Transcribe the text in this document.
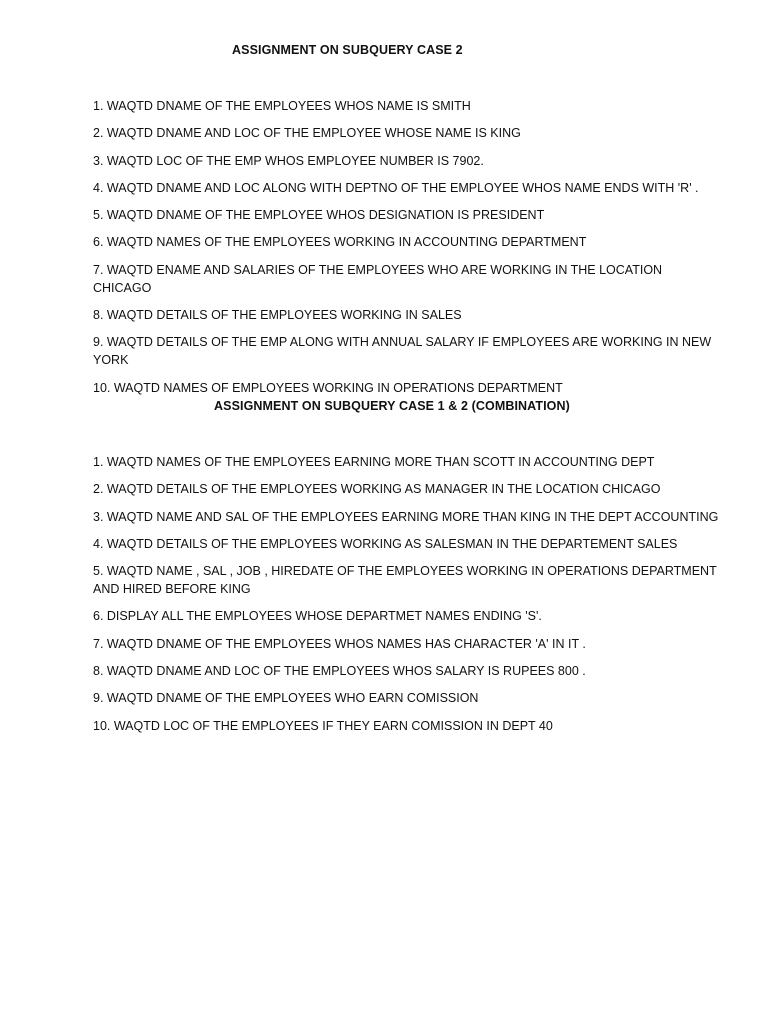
ASSIGNMENT ON SUBQUERY CASE 2
1. WAQTD DNAME OF THE EMPLOYEES WHOS NAME IS SMITH
2. WAQTD DNAME AND LOC OF THE EMPLOYEE WHOSE NAME IS KING
3. WAQTD LOC OF THE EMP WHOS EMPLOYEE NUMBER IS 7902.
4. WAQTD DNAME AND LOC ALONG WITH DEPTNO OF THE EMPLOYEE WHOS NAME ENDS WITH 'R' .
5. WAQTD DNAME OF THE EMPLOYEE WHOS DESIGNATION IS PRESIDENT
6. WAQTD NAMES OF THE EMPLOYEES WORKING IN ACCOUNTING DEPARTMENT
7. WAQTD ENAME AND SALARIES OF THE EMPLOYEES WHO ARE WORKING IN THE LOCATION CHICAGO
8. WAQTD DETAILS OF THE EMPLOYEES WORKING IN SALES
9. WAQTD DETAILS OF THE EMP ALONG WITH ANNUAL SALARY IF EMPLOYEES ARE WORKING IN NEW YORK
10. WAQTD NAMES OF EMPLOYEES WORKING IN OPERATIONS DEPARTMENT
ASSIGNMENT ON SUBQUERY CASE 1 & 2 (COMBINATION)
1. WAQTD NAMES OF THE EMPLOYEES EARNING MORE THAN SCOTT IN ACCOUNTING DEPT
2. WAQTD DETAILS OF THE EMPLOYEES WORKING AS MANAGER IN THE LOCATION CHICAGO
3. WAQTD NAME AND SAL OF THE EMPLOYEES EARNING MORE THAN KING IN THE DEPT ACCOUNTING
4. WAQTD DETAILS OF THE EMPLOYEES WORKING AS SALESMAN IN THE DEPARTEMENT SALES
5. WAQTD NAME , SAL , JOB , HIREDATE OF THE EMPLOYEES WORKING IN OPERATIONS DEPARTMENT AND HIRED BEFORE KING
6. DISPLAY ALL THE EMPLOYEES WHOSE DEPARTMET NAMES ENDING 'S'.
7. WAQTD DNAME OF THE EMPLOYEES WHOS NAMES HAS CHARACTER 'A' IN IT .
8. WAQTD DNAME AND LOC OF THE EMPLOYEES WHOS SALARY IS RUPEES 800 .
9. WAQTD DNAME OF THE EMPLOYEES WHO EARN COMISSION
10. WAQTD LOC OF THE EMPLOYEES IF THEY EARN COMISSION IN DEPT 40
